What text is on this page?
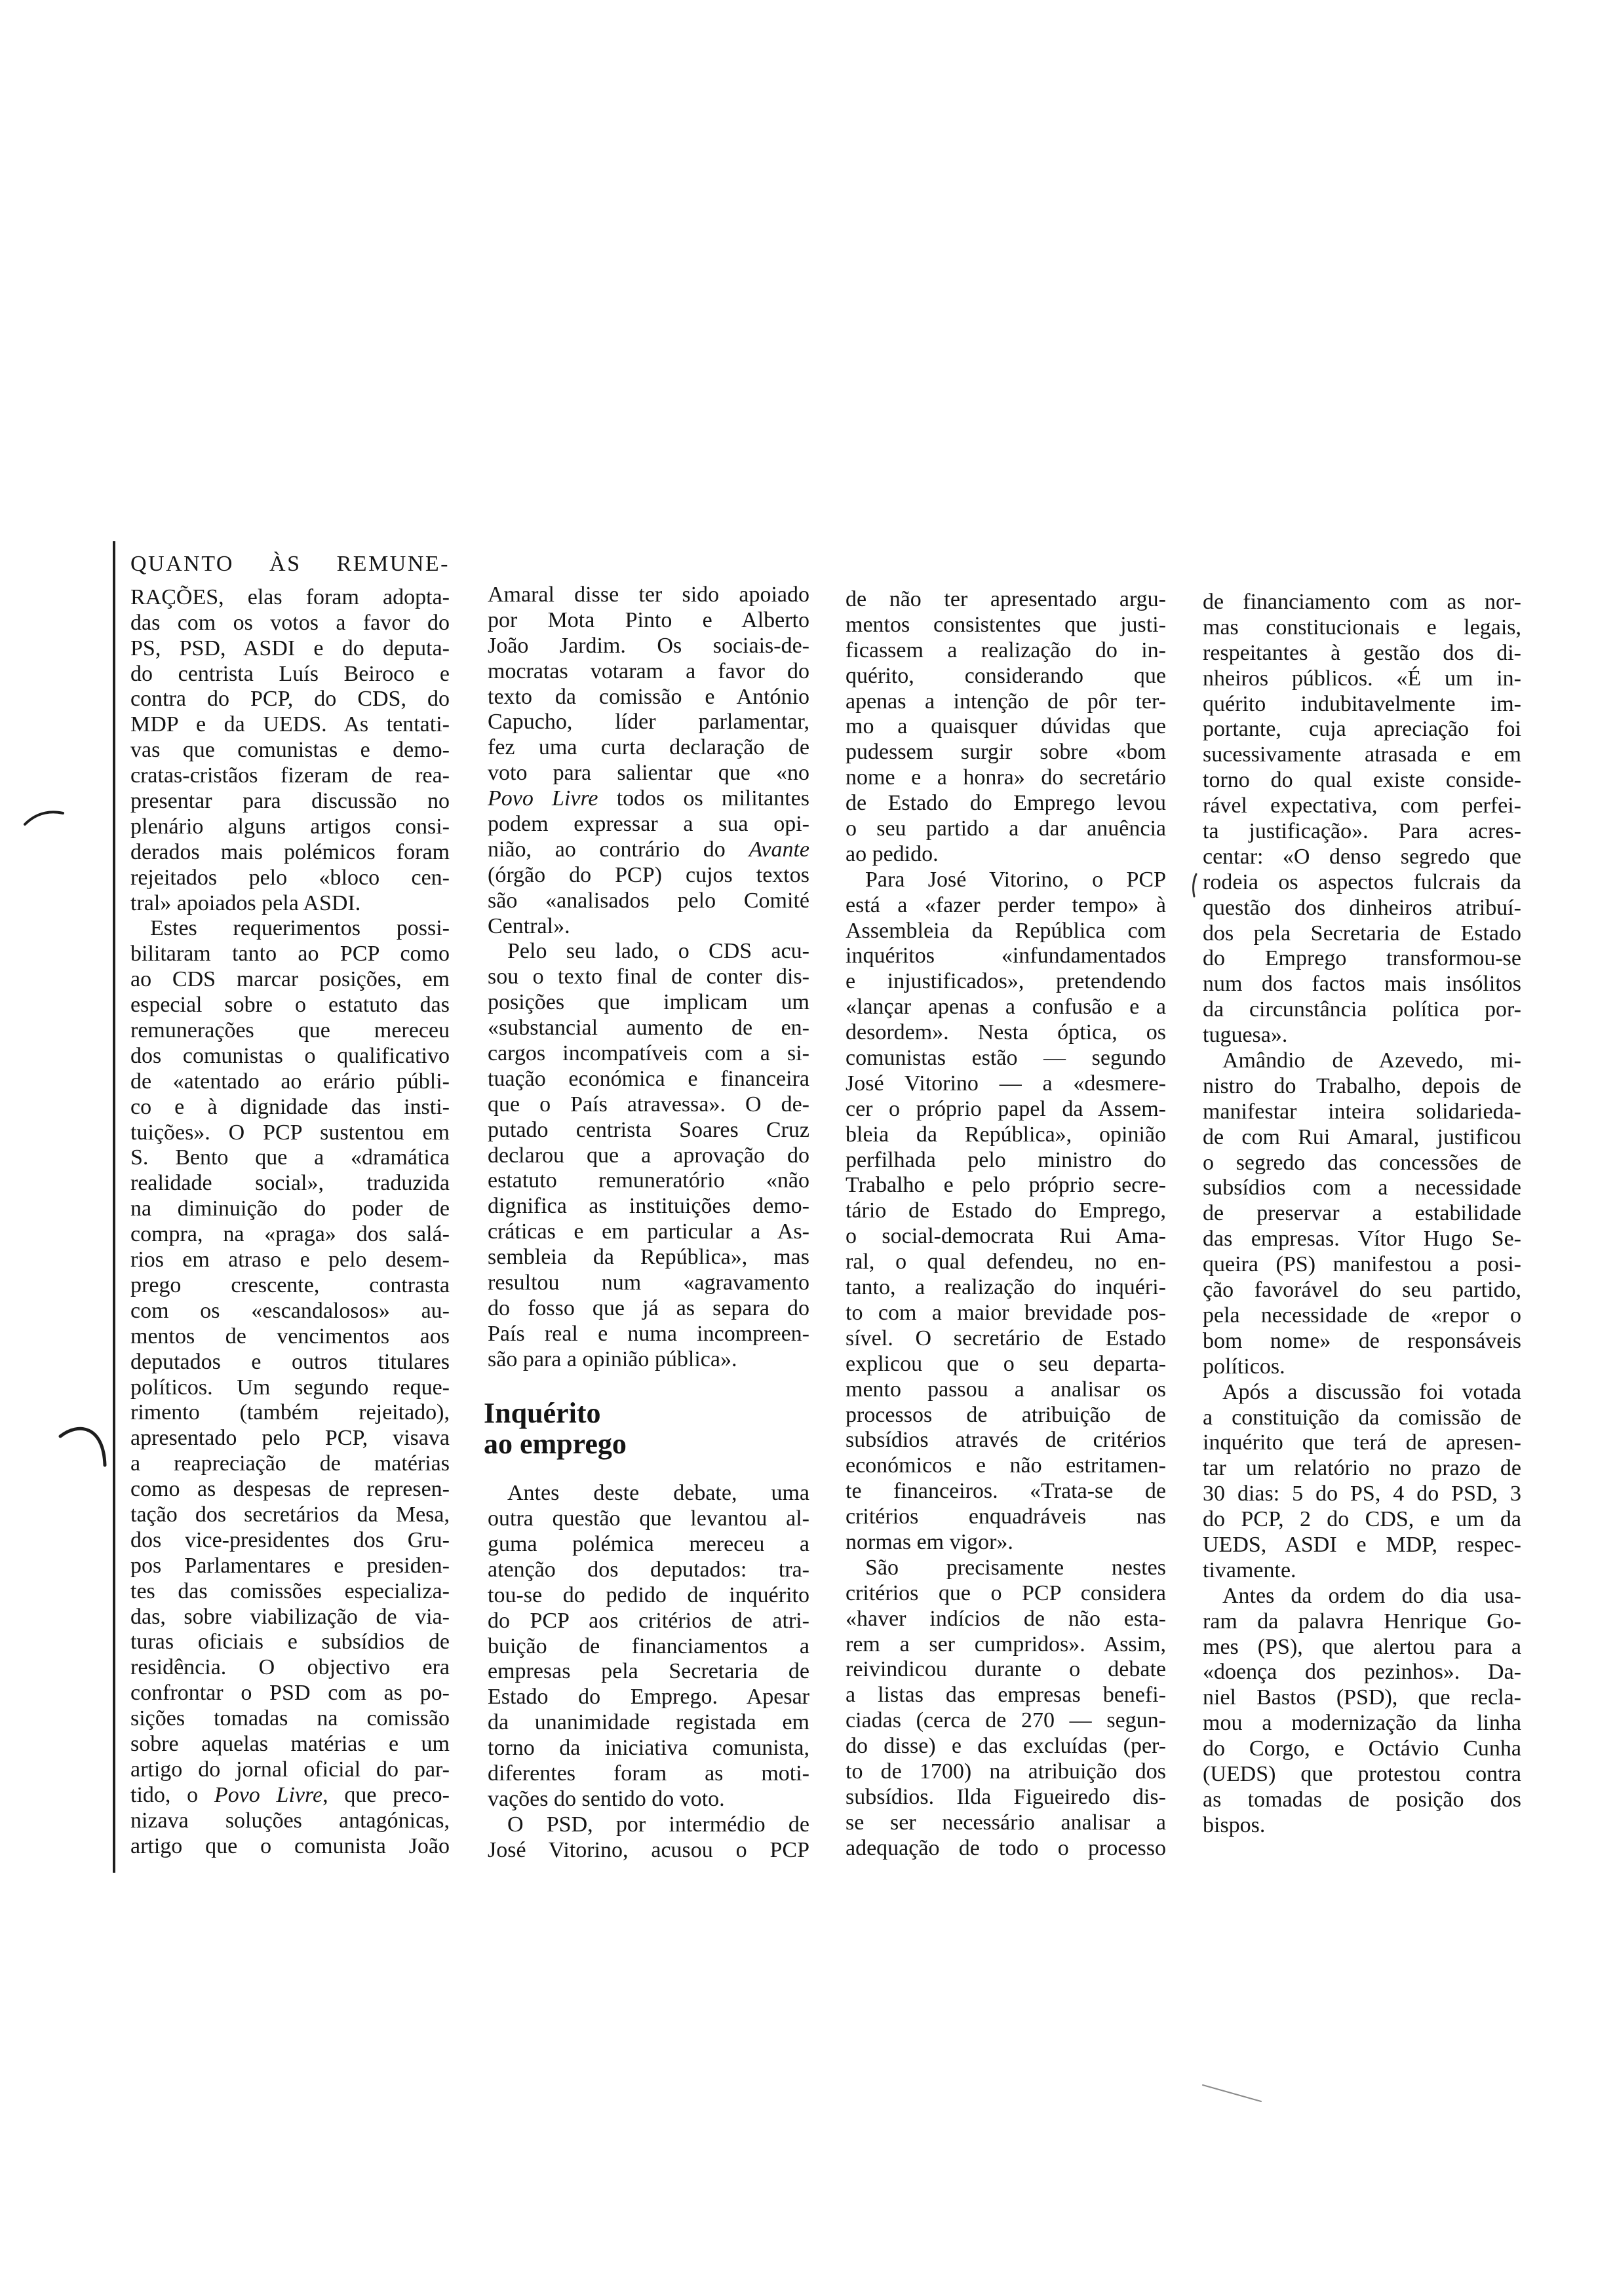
QUANTO ÀS REMUNE-
RAÇÕES, elas foram adopta-
das com os votos a favor do
PS, PSD, ASDI e do deputa-
do centrista Luís Beiroco e
contra do PCP, do CDS, do
MDP e da UEDS. As tentati-
vas que comunistas e demo-
cratas-cristãos fizeram de rea-
presentar para discussão no
plenário alguns artigos consi-
derados mais polémicos foram
rejeitados pelo «bloco cen-
tral» apoiados pela ASDI.
Estes requerimentos possi-
bilitaram tanto ao PCP como
ao CDS marcar posições, em
especial sobre o estatuto das
remunerações que mereceu
dos comunistas o qualificativo
de «atentado ao erário públi-
co e à dignidade das insti-
tuições». O PCP sustentou em
S. Bento que a «dramática
realidade social», traduzida
na diminuição do poder de
compra, na «praga» dos salá-
rios em atraso e pelo desem-
prego crescente, contrasta
com os «escandalosos» au-
mentos de vencimentos aos
deputados e outros titulares
políticos. Um segundo reque-
rimento (também rejeitado),
apresentado pelo PCP, visava
a reapreciação de matérias
como as despesas de represen-
tação dos secretários da Mesa,
dos vice-presidentes dos Gru-
pos Parlamentares e presiden-
tes das comissões especializa-
das, sobre viabilização de via-
turas oficiais e subsídios de
residência. O objectivo era
confrontar o PSD com as po-
sições tomadas na comissão
sobre aquelas matérias e um
artigo do jornal oficial do par-
tido, o Povo Livre, que preco-
nizava soluções antagónicas,
artigo que o comunista João
Amaral disse ter sido apoiado
por Mota Pinto e Alberto
João Jardim. Os sociais-de-
mocratas votaram a favor do
texto da comissão e António
Capucho, líder parlamentar,
fez uma curta declaração de
voto para salientar que «no
Povo Livre todos os militantes
podem expressar a sua opi-
nião, ao contrário do Avante
(órgão do PCP) cujos textos
são «analisados pelo Comité
Central».
Pelo seu lado, o CDS acu-
sou o texto final de conter dis-
posições que implicam um
«substancial aumento de en-
cargos incompatíveis com a si-
tuação económica e financeira
que o País atravessa». O de-
putado centrista Soares Cruz
declarou que a aprovação do
estatuto remuneratório «não
dignifica as instituições demo-
cráticas e em particular a As-
sembleia da República», mas
resultou num «agravamento
do fosso que já as separa do
País real e numa incompreen-
são para a opinião pública».
Inquérito
ao emprego
Antes deste debate, uma
outra questão que levantou al-
guma polémica mereceu a
atenção dos deputados: tra-
tou-se do pedido de inquérito
do PCP aos critérios de atri-
buição de financiamentos a
empresas pela Secretaria de
Estado do Emprego. Apesar
da unanimidade registada em
torno da iniciativa comunista,
diferentes foram as moti-
vações do sentido do voto.
O PSD, por intermédio de
José Vitorino, acusou o PCP
de não ter apresentado argu-
mentos consistentes que justi-
ficassem a realização do in-
quérito, considerando que
apenas a intenção de pôr ter-
mo a quaisquer dúvidas que
pudessem surgir sobre «bom
nome e a honra» do secretário
de Estado do Emprego levou
o seu partido a dar anuência
ao pedido.
Para José Vitorino, o PCP
está a «fazer perder tempo» à
Assembleia da República com
inquéritos «infundamentados
e injustificados», pretendendo
«lançar apenas a confusão e a
desordem». Nesta óptica, os
comunistas estão — segundo
José Vitorino — a «desmere-
cer o próprio papel da Assem-
bleia da República», opinião
perfilhada pelo ministro do
Trabalho e pelo próprio secre-
tário de Estado do Emprego,
o social-democrata Rui Ama-
ral, o qual defendeu, no en-
tanto, a realização do inquéri-
to com a maior brevidade pos-
sível. O secretário de Estado
explicou que o seu departa-
mento passou a analisar os
processos de atribuição de
subsídios através de critérios
económicos e não estritamen-
te financeiros. «Trata-se de
critérios enquadráveis nas
normas em vigor».
São precisamente nestes
critérios que o PCP considera
«haver indícios de não esta-
rem a ser cumpridos». Assim,
reivindicou durante o debate
a listas das empresas benefi-
ciadas (cerca de 270 — segun-
do disse) e das excluídas (per-
to de 1700) na atribuição dos
subsídios. Ilda Figueiredo dis-
se ser necessário analisar a
adequação de todo o processo
de financiamento com as nor-
mas constitucionais e legais,
respeitantes à gestão dos di-
nheiros públicos. «É um in-
quérito indubitavelmente im-
portante, cuja apreciação foi
sucessivamente atrasada e em
torno do qual existe conside-
rável expectativa, com perfei-
ta justificação». Para acres-
centar: «O denso segredo que
rodeia os aspectos fulcrais da
questão dos dinheiros atribuí-
dos pela Secretaria de Estado
do Emprego transformou-se
num dos factos mais insólitos
da circunstância política por-
tuguesa».
Amândio de Azevedo, mi-
nistro do Trabalho, depois de
manifestar inteira solidarieda-
de com Rui Amaral, justificou
o segredo das concessões de
subsídios com a necessidade
de preservar a estabilidade
das empresas. Vítor Hugo Se-
queira (PS) manifestou a posi-
ção favorável do seu partido,
pela necessidade de «repor o
bom nome» de responsáveis
políticos.
Após a discussão foi votada
a constituição da comissão de
inquérito que terá de apresen-
tar um relatório no prazo de
30 dias: 5 do PS, 4 do PSD, 3
do PCP, 2 do CDS, e um da
UEDS, ASDI e MDP, respec-
tivamente.
Antes da ordem do dia usa-
ram da palavra Henrique Go-
mes (PS), que alertou para a
«doença dos pezinhos». Da-
niel Bastos (PSD), que recla-
mou a modernização da linha
do Corgo, e Octávio Cunha
(UEDS) que protestou contra
as tomadas de posição dos
bispos.
